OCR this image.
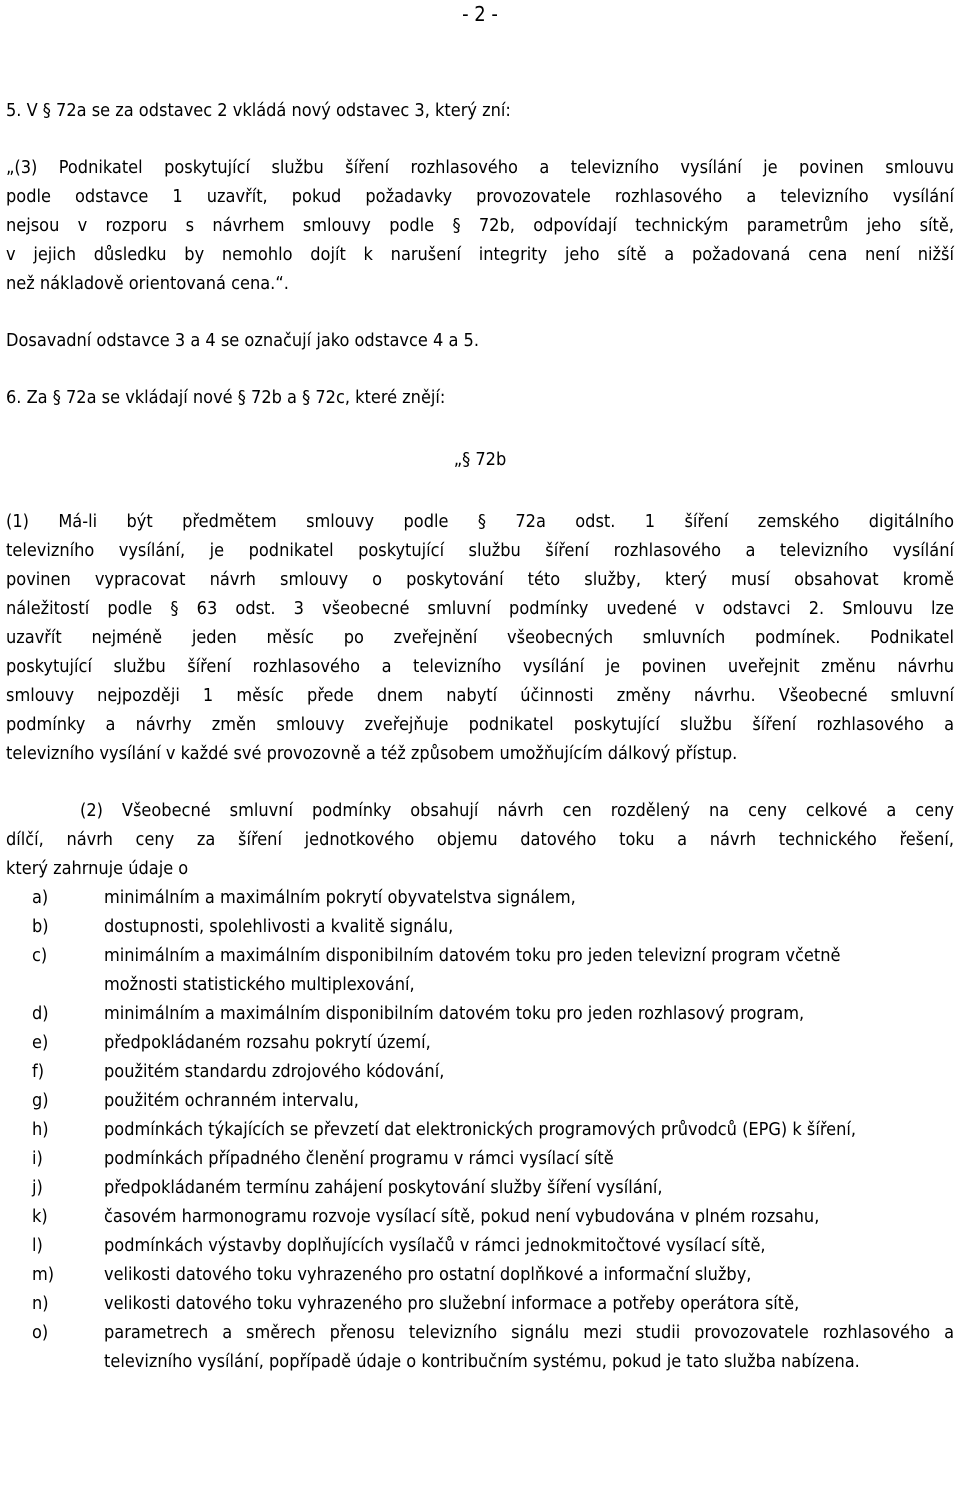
- 2 -

5. V § 72a se za odstavec 2 vkládá nový odstavec 3, který zní:

„(3) Podnikatel poskytující službu šíření rozhlasového a televizního vysílání je povinen smlouvu

podle odstavce 1 uzavřít, pokud požadavky provozovatele rozhlasového a televizního vysílání

nejsou v rozporu s návrhem smlouvy podle § 72b, odpovídají technickým parametrům jeho sítě,

v jejich důsledku by nemohlo dojít k narušení integrity jeho sítě a požadovaná cena není nižší

než nákladově orientovaná cena.“.

Dosavadní odstavce 3 a 4 se označují jako odstavce 4 a 5.

6. Za § 72a se vkládají nové § 72b a § 72c, které znějí:

„§ 72b

(1) Má-li být předmětem smlouvy podle § 72a odst. 1 šíření zemského digitálního

televizního vysílání, je podnikatel poskytující službu šíření rozhlasového a televizního vysílání

povinen vypracovat návrh smlouvy o poskytování této služby, který musí obsahovat kromě

náležitostí podle § 63 odst. 3 všeobecné smluvní podmínky uvedené v odstavci 2. Smlouvu lze

uzavřít nejméně jeden měsíc po zveřejnění všeobecných smluvních podmínek. Podnikatel

poskytující službu šíření rozhlasového a televizního vysílání je povinen uveřejnit změnu návrhu

smlouvy nejpozději 1 měsíc přede dnem nabytí účinnosti změny návrhu. Všeobecné smluvní

podmínky a návrhy změn smlouvy zveřejňuje podnikatel poskytující službu šíření rozhlasového a

televizního vysílání v každé své provozovně a též způsobem umožňujícím dálkový přístup.

(2) Všeobecné smluvní podmínky obsahují návrh cen rozdělený na ceny celkové a ceny

dílčí, návrh ceny za šíření jednotkového objemu datového toku a návrh technického řešení,

který zahrnuje údaje o

a)	minimálním a maximálním pokrytí obyvatelstva signálem,
b)	dostupnosti, spolehlivosti a kvalitě signálu,
c)	minimálním a maximálním disponibilním datovém toku pro jeden televizní program včetně možnosti statistického multiplexování,
d)	minimálním a maximálním disponibilním datovém toku pro jeden rozhlasový program,
e)	předpokládaném rozsahu pokrytí území,
f)	použitém standardu zdrojového kódování,
g)	použitém ochranném intervalu,
h)	podmínkách týkajících se převzetí dat elektronických programových průvodců (EPG) k šíření,
i)	podmínkách případného členění programu v rámci vysílací sítě
j)	předpokládaném termínu zahájení poskytování služby šíření vysílání,
k)	časovém harmonogramu rozvoje vysílací sítě, pokud není vybudována v plném rozsahu,
l)	podmínkách výstavby doplňujících vysílačů v rámci jednokmitočtové vysílací sítě,
m)	velikosti datového toku vyhrazeného pro ostatní doplňkové a informační služby,
n)	velikosti datového toku vyhrazeného pro služební informace a potřeby operátora sítě,
o)	parametrech a směrech přenosu televizního signálu mezi studii provozovatele rozhlasového a televizního vysílání, popřípadě údaje o kontribučním systému, pokud je tato služba nabízena.
